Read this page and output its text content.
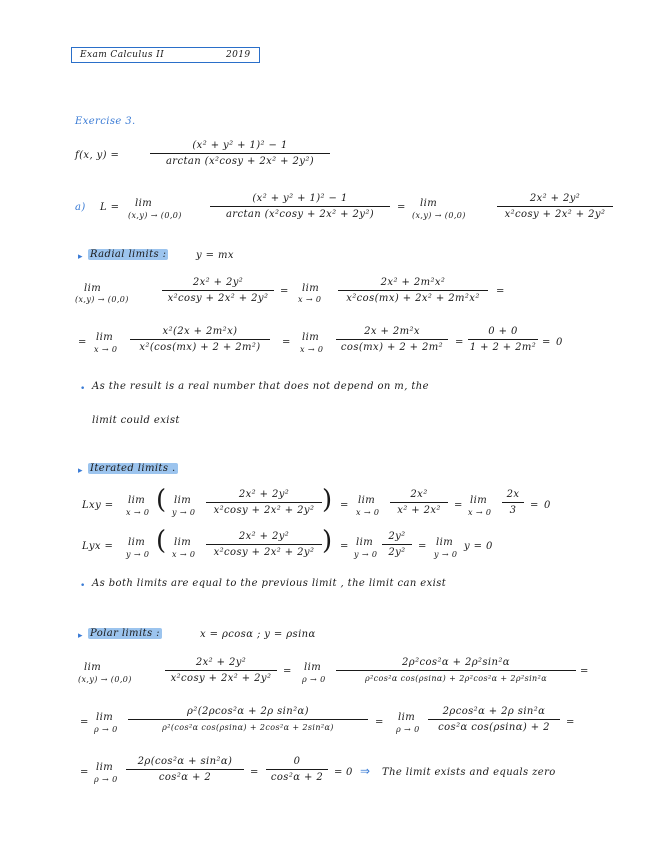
Exam Calculus II	2019
Exercise 3.
f(x, y) =
(x² + y² + 1)² − 1
arctan (x²cosy + 2x² + 2y²)
a) L = lim
(x,y) → (0,0)
(x² + y² + 1)² − 1
arctan (x²cosy + 2x² + 2y²)
= lim
(x,y) → (0,0)
2x² + 2y²
x²cosy + 2x² + 2y²
▸ Radial limits :	y = mx
lim
(x,y) → (0,0)
2x² + 2y²
x²cosy + 2x² + 2y²
= lim
x → 0
2x² + 2m²x²
x²cos(mx) + 2x² + 2m²x²
=
= lim
x → 0
x²(2x + 2m²x)
x²(cos(mx) + 2 + 2m²)	= lim
x → 0
2x + 2m²x
cos(mx) + 2 + 2m²	=
0 + 0
1 + 2 + 2m² = 0
• As the result is a real number that does not depend on m, the
limit could exist
▸ Iterated limits .
Lxy = lim
x → 0 ( lim
y → 0
2x² + 2y²
x²cosy + 2x² + 2y² ) = lim
x → 0
2x²
x² + 2x²	= lim
x → 0
2x
3	= 0
Lyx = lim
y → 0 ( lim
x → 0
2x² + 2y²
x²cosy + 2x² + 2y² ) = lim
y → 0
2y²
2y²
= lim
y → 0
y = 0
• As both limits are equal to the previous limit , the limit can exist
▸ Polar limits :	x = ρcosα ; y = ρsinα
lim
(x,y) → (0,0)
2x² + 2y²
x²cosy + 2x² + 2y²
= lim
ρ → 0
2ρ²cos²α + 2ρ²sin²α
ρ²cos²α cos(ρsinα) + 2ρ²cos²α + 2ρ²sin²α
=
= lim
ρ → 0
ρ²(2ρcos²α + 2ρ sin²α)
ρ²(cos²α cos(ρsinα) + 2cos²α + 2sin²α)	= lim
ρ → 0
2ρcos²α + 2ρ sin²α
cos²α cos(ρsinα) + 2	=
= lim
ρ → 0
2ρ(cos²α + sin²α)
cos²α + 2	=
0
cos²α + 2	= 0 ⇒ The limit exists and equals zero
